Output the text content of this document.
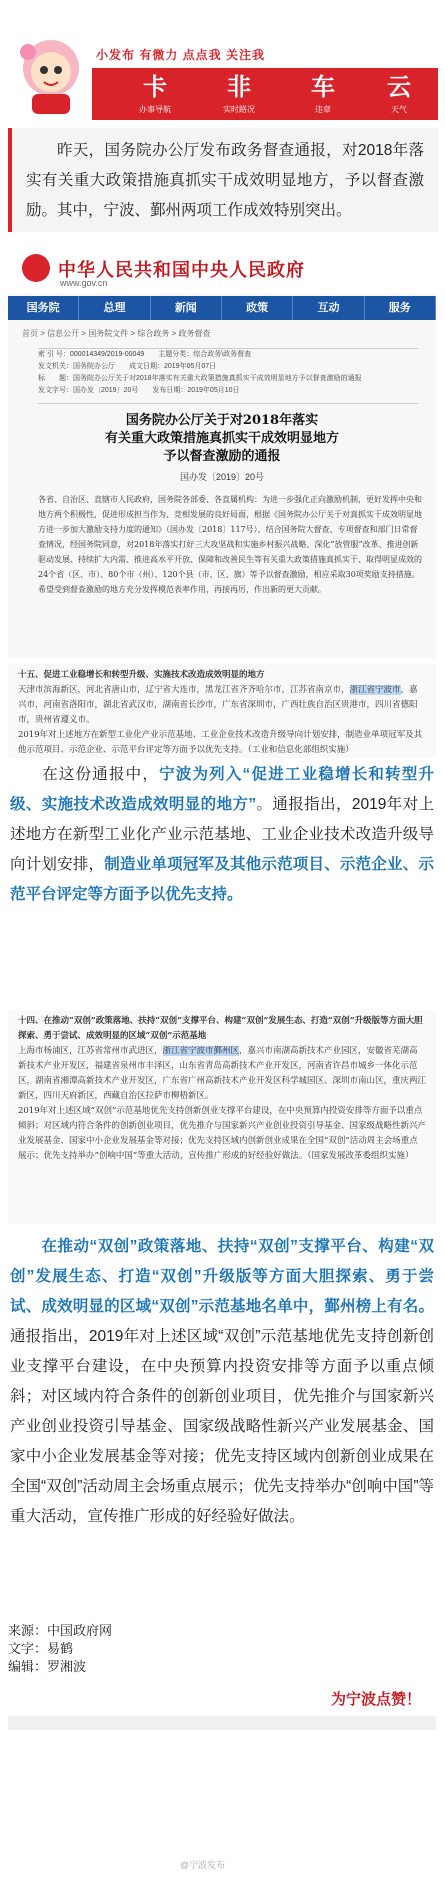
小发布 有微力 点点我 关注我
卡
办事导航
非
实时路况
车
违章
云
天气
昨天，国务院办公厅发布政务督查通报，对2018年落实有关重大政策措施真抓实干成效明显地方，予以督查激励。其中，宁波、鄞州两项工作成效特别突出。
中华人民共和国中央人民政府
www.gov.cn
国务院	总理	新闻	政策	互动	服务
首页 > 信息公开 > 国务院文件 > 综合政务 > 政务督查
索 引 号：000014349/2019-00049　　主题分类：综合政务\政务督查
发文机关：国务院办公厅　　成文日期：2019年05月07日
标　　题：国务院办公厅关于对2018年落实有关重大政策措施真抓实干成效明显地方予以督查激励的通报
发文字号：国办发〔2019〕20号　　发布日期：2019年05月10日
国务院办公厅关于对2018年落实
有关重大政策措施真抓实干成效明显地方
予以督查激励的通报
国办发〔2019〕20号
各省、自治区、直辖市人民政府，国务院各部委、各直属机构：为进一步强化正向激励机制，更好发挥中央和地方两个积极性，促进形成担当作为、竞相发展的良好局面，根据《国务院办公厅关于对真抓实干成效明显地方进一步加大激励支持力度的通知》（国办发〔2018〕117号），结合国务院大督查、专项督查和部门日常督查情况，经国务院同意，对2018年落实打好三大攻坚战和实施乡村振兴战略、深化“放管服”改革、推进创新驱动发展、持续扩大内需、推进高水平开放、保障和改善民生等有关重大政策措施真抓实干、取得明显成效的24个省（区、市）、80个市（州）、120个县（市、区、旗）等予以督查激励，相应采取30项奖励支持措施。希望受到督查激励的地方充分发挥模范表率作用，再接再厉，作出新的更大贡献。
十五、促进工业稳增长和转型升级、实施技术改造成效明显的地方
天津市滨海新区，河北省唐山市，辽宁省大连市，黑龙江省齐齐哈尔市，江苏省南京市，浙江省宁波市，嘉兴市，河南省洛阳市，湖北省武汉市，湖南省长沙市，广东省深圳市，广西壮族自治区贵港市，四川省德阳市，贵州省遵义市。
2019年对上述地方在新型工业化产业示范基地、工业企业技术改造升级导向计划安排，制造业单项冠军及其他示范项目、示范企业、示范平台评定等方面予以优先支持。（工业和信息化部组织实施）
在这份通报中，宁波为列入“促进工业稳增长和转型升级、实施技术改造成效明显的地方”。通报指出，2019年对上述地方在新型工业化产业示范基地、工业企业技术改造升级导向计划安排，制造业单项冠军及其他示范项目、示范企业、示范平台评定等方面予以优先支持。
十四、在推动“双创”政策落地、扶持“双创”支撑平台、构建“双创”发展生态、打造“双创”升级版等方面大胆探索、勇于尝试、成效明显的区域“双创”示范基地
上海市杨浦区，江苏省常州市武进区，浙江省宁波市鄞州区，嘉兴市南湖高新技术产业园区，安徽省芜湖高新技术产业开发区，福建省泉州市丰泽区，山东省青岛高新技术产业开发区，河南省许昌市城乡一体化示范区，湖南省湘潭高新技术产业开发区，广东省广州高新技术产业开发区科学城园区、深圳市南山区，重庆两江新区，四川天府新区，西藏自治区拉萨市柳梧新区。
2019年对上述区域“双创”示范基地优先支持创新创业支撑平台建设，在中央预算内投资安排等方面予以重点倾斜；对区域内符合条件的创新创业项目，优先推介与国家新兴产业创业投资引导基金、国家级战略性新兴产业发展基金、国家中小企业发展基金等对接；优先支持区域内创新创业成果在全国“双创”活动周主会场重点展示；优先支持举办“创响中国”等重大活动，宣传推广形成的好经验好做法。（国家发展改革委组织实施）
在推动“双创”政策落地、扶持“双创”支撑平台、构建“双创”发展生态、打造“双创”升级版等方面大胆探索、勇于尝试、成效明显的区域“双创”示范基地名单中，鄞州榜上有名。通报指出，2019年对上述区域“双创”示范基地优先支持创新创业支撑平台建设，在中央预算内投资安排等方面予以重点倾斜；对区域内符合条件的创新创业项目，优先推介与国家新兴产业创业投资引导基金、国家级战略性新兴产业发展基金、国家中小企业发展基金等对接；优先支持区域内创新创业成果在全国“双创”活动周主会场重点展示；优先支持举办“创响中国”等重大活动，宣传推广形成的好经验好做法。
来源：中国政府网
文字：易鹤
编辑：罗湘波
为宁波点赞！
@宁波发布
